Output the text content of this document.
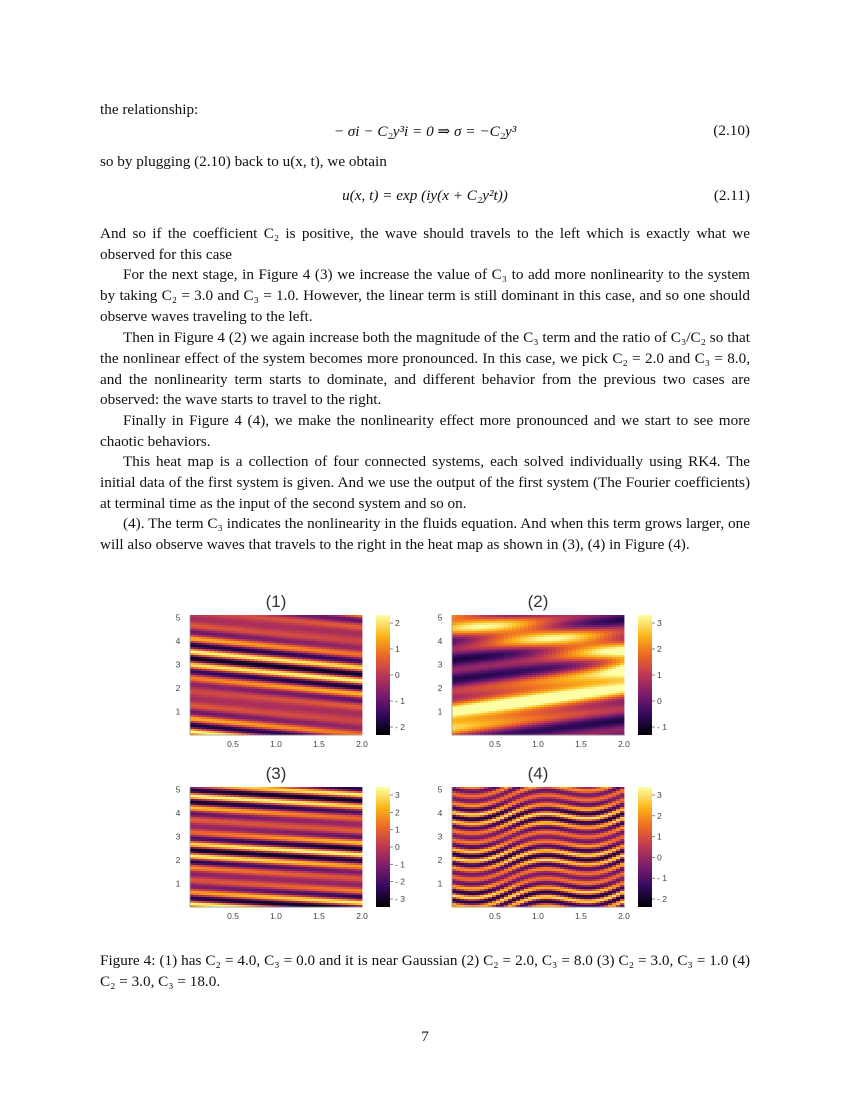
the relationship:
− σi − C₂y³i = 0 ⇒ σ = −C₂y³	(2.10)
so by plugging (2.10) back to u(x, t), we obtain
u(x, t) = exp (iy(x + C₂y²t))	(2.11)
And so if the coefficient C₂ is positive, the wave should travels to the left which is exactly what we observed for this case
For the next stage, in Figure 4 (3) we increase the value of C₃ to add more nonlinearity to the system by taking C₂ = 3.0 and C₃ = 1.0. However, the linear term is still dominant in this case, and so one should observe waves traveling to the left.
Then in Figure 4 (2) we again increase both the magnitude of the C₃ term and the ratio of C₃/C₂ so that the nonlinear effect of the system becomes more pronounced. In this case, we pick C₂ = 2.0 and C₃ = 8.0, and the nonlinearity term starts to dominate, and different behavior from the previous two cases are observed: the wave starts to travel to the right.
Finally in Figure 4 (4), we make the nonlinearity effect more pronounced and we start to see more chaotic behaviors.
This heat map is a collection of four connected systems, each solved individually using RK4. The initial data of the first system is given. And we use the output of the first system (The Fourier coefficients) at terminal time as the input of the second system and so on.
(4). The term C₃ indicates the nonlinearity in the fluids equation. And when this term grows larger, one will also observe waves that travels to the right in the heat map as shown in (3), (4) in Figure (4).
(1)
1
2
3
4
5
0.5	1.0	1.5	2.0
2
1
0
- 1
- 2
(2)
1
2
3
4
5
0.5	1.0	1.5	2.0
3
2
1
0
- 1
(3)
1
2
3
4
5
0.5	1.0	1.5	2.0
3
2
1
0
- 1
- 2
- 3
(4)
1
2
3
4
5
0.5	1.0	1.5	2.0
3
2
1
0
- 1
- 2
Figure 4: (1) has C₂ = 4.0, C₃ = 0.0 and it is near Gaussian (2) C₂ = 2.0, C₃ = 8.0 (3) C₂ = 3.0, C₃ = 1.0 (4) C₂ = 3.0, C₃ = 18.0.
7
